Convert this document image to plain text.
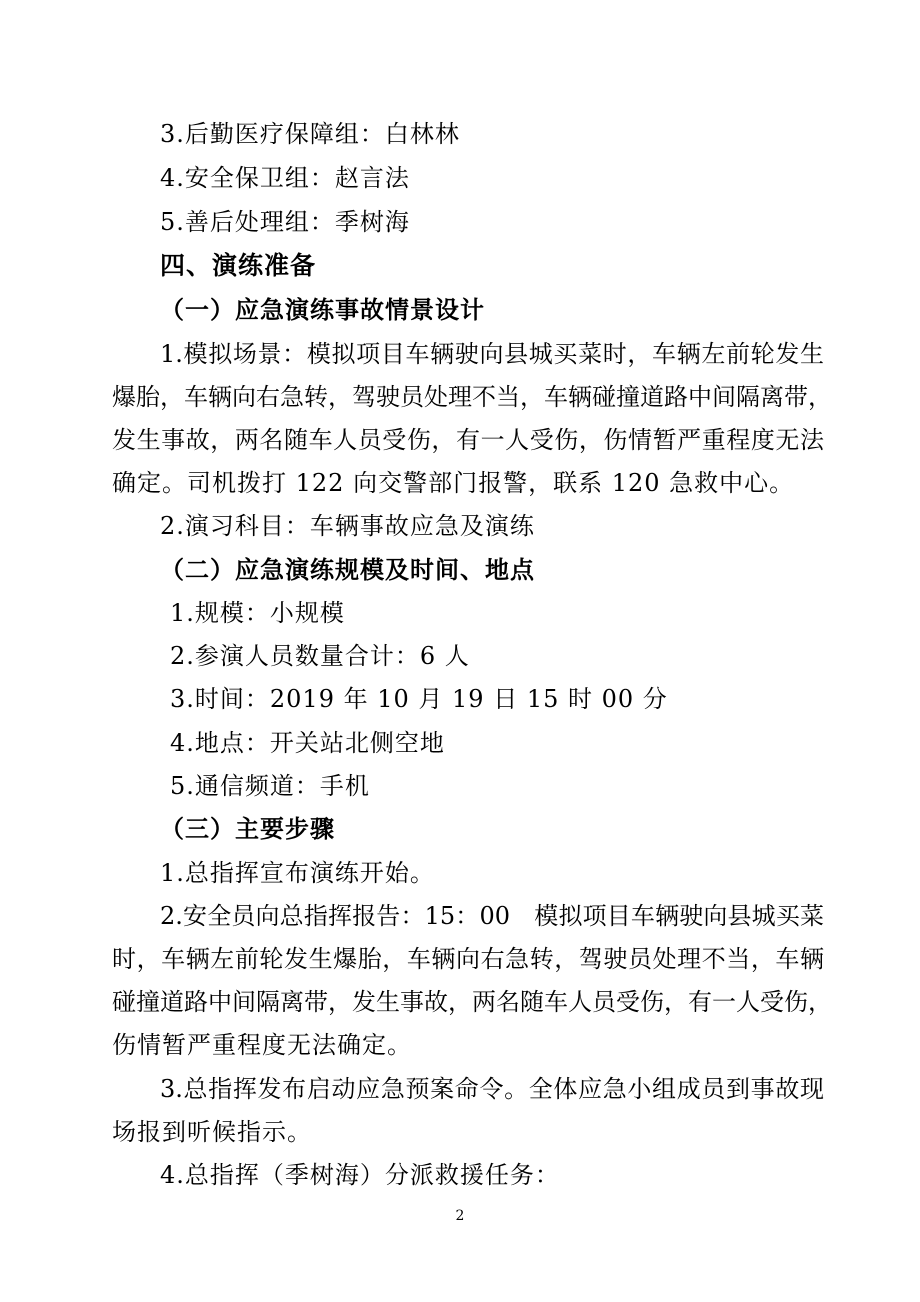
3.后勤医疗保障组：白林林
4.安全保卫组：赵言法
5.善后处理组：季树海
四、演练准备
（一）应急演练事故情景设计
1.模拟场景：模拟项目车辆驶向县城买菜时，车辆左前轮发生
爆胎，车辆向右急转，驾驶员处理不当，车辆碰撞道路中间隔离带，
发生事故，两名随车人员受伤，有一人受伤，伤情暂严重程度无法
确定。司机拨打 122 向交警部门报警，联系 120 急救中心。
2.演习科目：车辆事故应急及演练
（二）应急演练规模及时间、地点
1.规模：小规模
2.参演人员数量合计：6 人
3.时间：2019 年 10 月 19 日 15 时 00 分
4.地点：开关站北侧空地
5.通信频道：手机
（三）主要步骤
1.总指挥宣布演练开始。
2.安全员向总指挥报告：15：00　模拟项目车辆驶向县城买菜
时，车辆左前轮发生爆胎，车辆向右急转，驾驶员处理不当，车辆
碰撞道路中间隔离带，发生事故，两名随车人员受伤，有一人受伤，
伤情暂严重程度无法确定。
3.总指挥发布启动应急预案命令。全体应急小组成员到事故现
场报到听候指示。
4.总指挥（季树海）分派救援任务：
2
